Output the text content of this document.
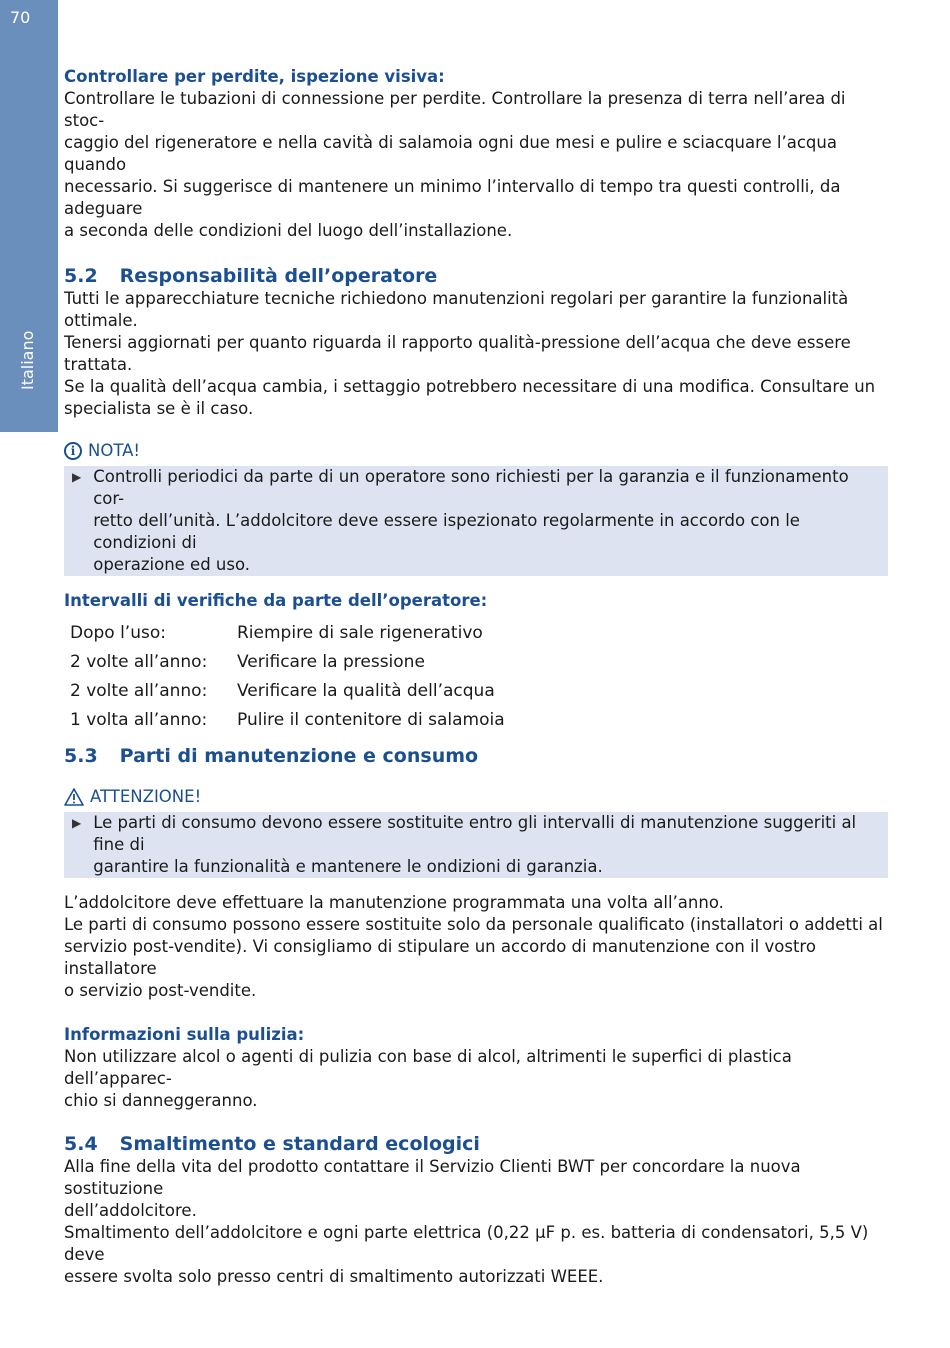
70
Italiano
Controllare per perdite, ispezione visiva:

Controllare le tubazioni di connessione per perdite. Controllare la presenza di terra nell’area di stoc-

caggio del rigeneratore e nella cavità di salamoia ogni due mesi e pulire e sciacquare l’acqua quando

necessario. Si suggerisce di mantenere un minimo l’intervallo di tempo tra questi controlli, da adeguare

a seconda delle condizioni del luogo dell’installazione.

5.2 Responsabilità dell’operatore

Tutti le apparecchiature tecniche richiedono manutenzioni regolari per garantire la funzionalità

ottimale.

Tenersi aggiornati per quanto riguarda il rapporto qualità-pressione dell’acqua che deve essere trattata.

Se la qualità dell’acqua cambia, i settaggio potrebbero necessitare di una modifica. Consultare un

specialista se è il caso.

i NOTA!
▶ Controlli periodici da parte di un operatore sono richiesti per la garanzia e il funzionamento cor-

retto dell’unità. L’addolcitore deve essere ispezionato regolarmente in accordo con le condizioni di

operazione ed uso.

Intervalli di verifiche da parte dell’operatore:
Dopo l’uso:	Riempire di sale rigenerativo
2 volte all’anno:	Verificare la pressione
2 volte all’anno:	Verificare la qualità dell’acqua
1 volta all’anno:	Pulire il contenitore di salamoia
5.3 Parti di manutenzione e consumo
ATTENZIONE!
▶ Le parti di consumo devono essere sostituite entro gli intervalli di manutenzione suggeriti al fine di

garantire la funzionalità e mantenere le ondizioni di garanzia.

L’addolcitore deve effettuare la manutenzione programmata una volta all’anno.

Le parti di consumo possono essere sostituite solo da personale qualificato (installatori o addetti al

servizio post-vendite). Vi consigliamo di stipulare un accordo di manutenzione con il vostro installatore

o servizio post-vendite.

Informazioni sulla pulizia:

Non utilizzare alcol o agenti di pulizia con base di alcol, altrimenti le superfici di plastica dell’apparec-

chio si danneggeranno.

5.4 Smaltimento e standard ecologici

Alla fine della vita del prodotto contattare il Servizio Clienti BWT per concordare la nuova sostituzione

dell’addolcitore.

Smaltimento dell’addolcitore e ogni parte elettrica (0,22 µF p. es. batteria di condensatori, 5,5 V) deve

essere svolta solo presso centri di smaltimento autorizzati WEEE.
